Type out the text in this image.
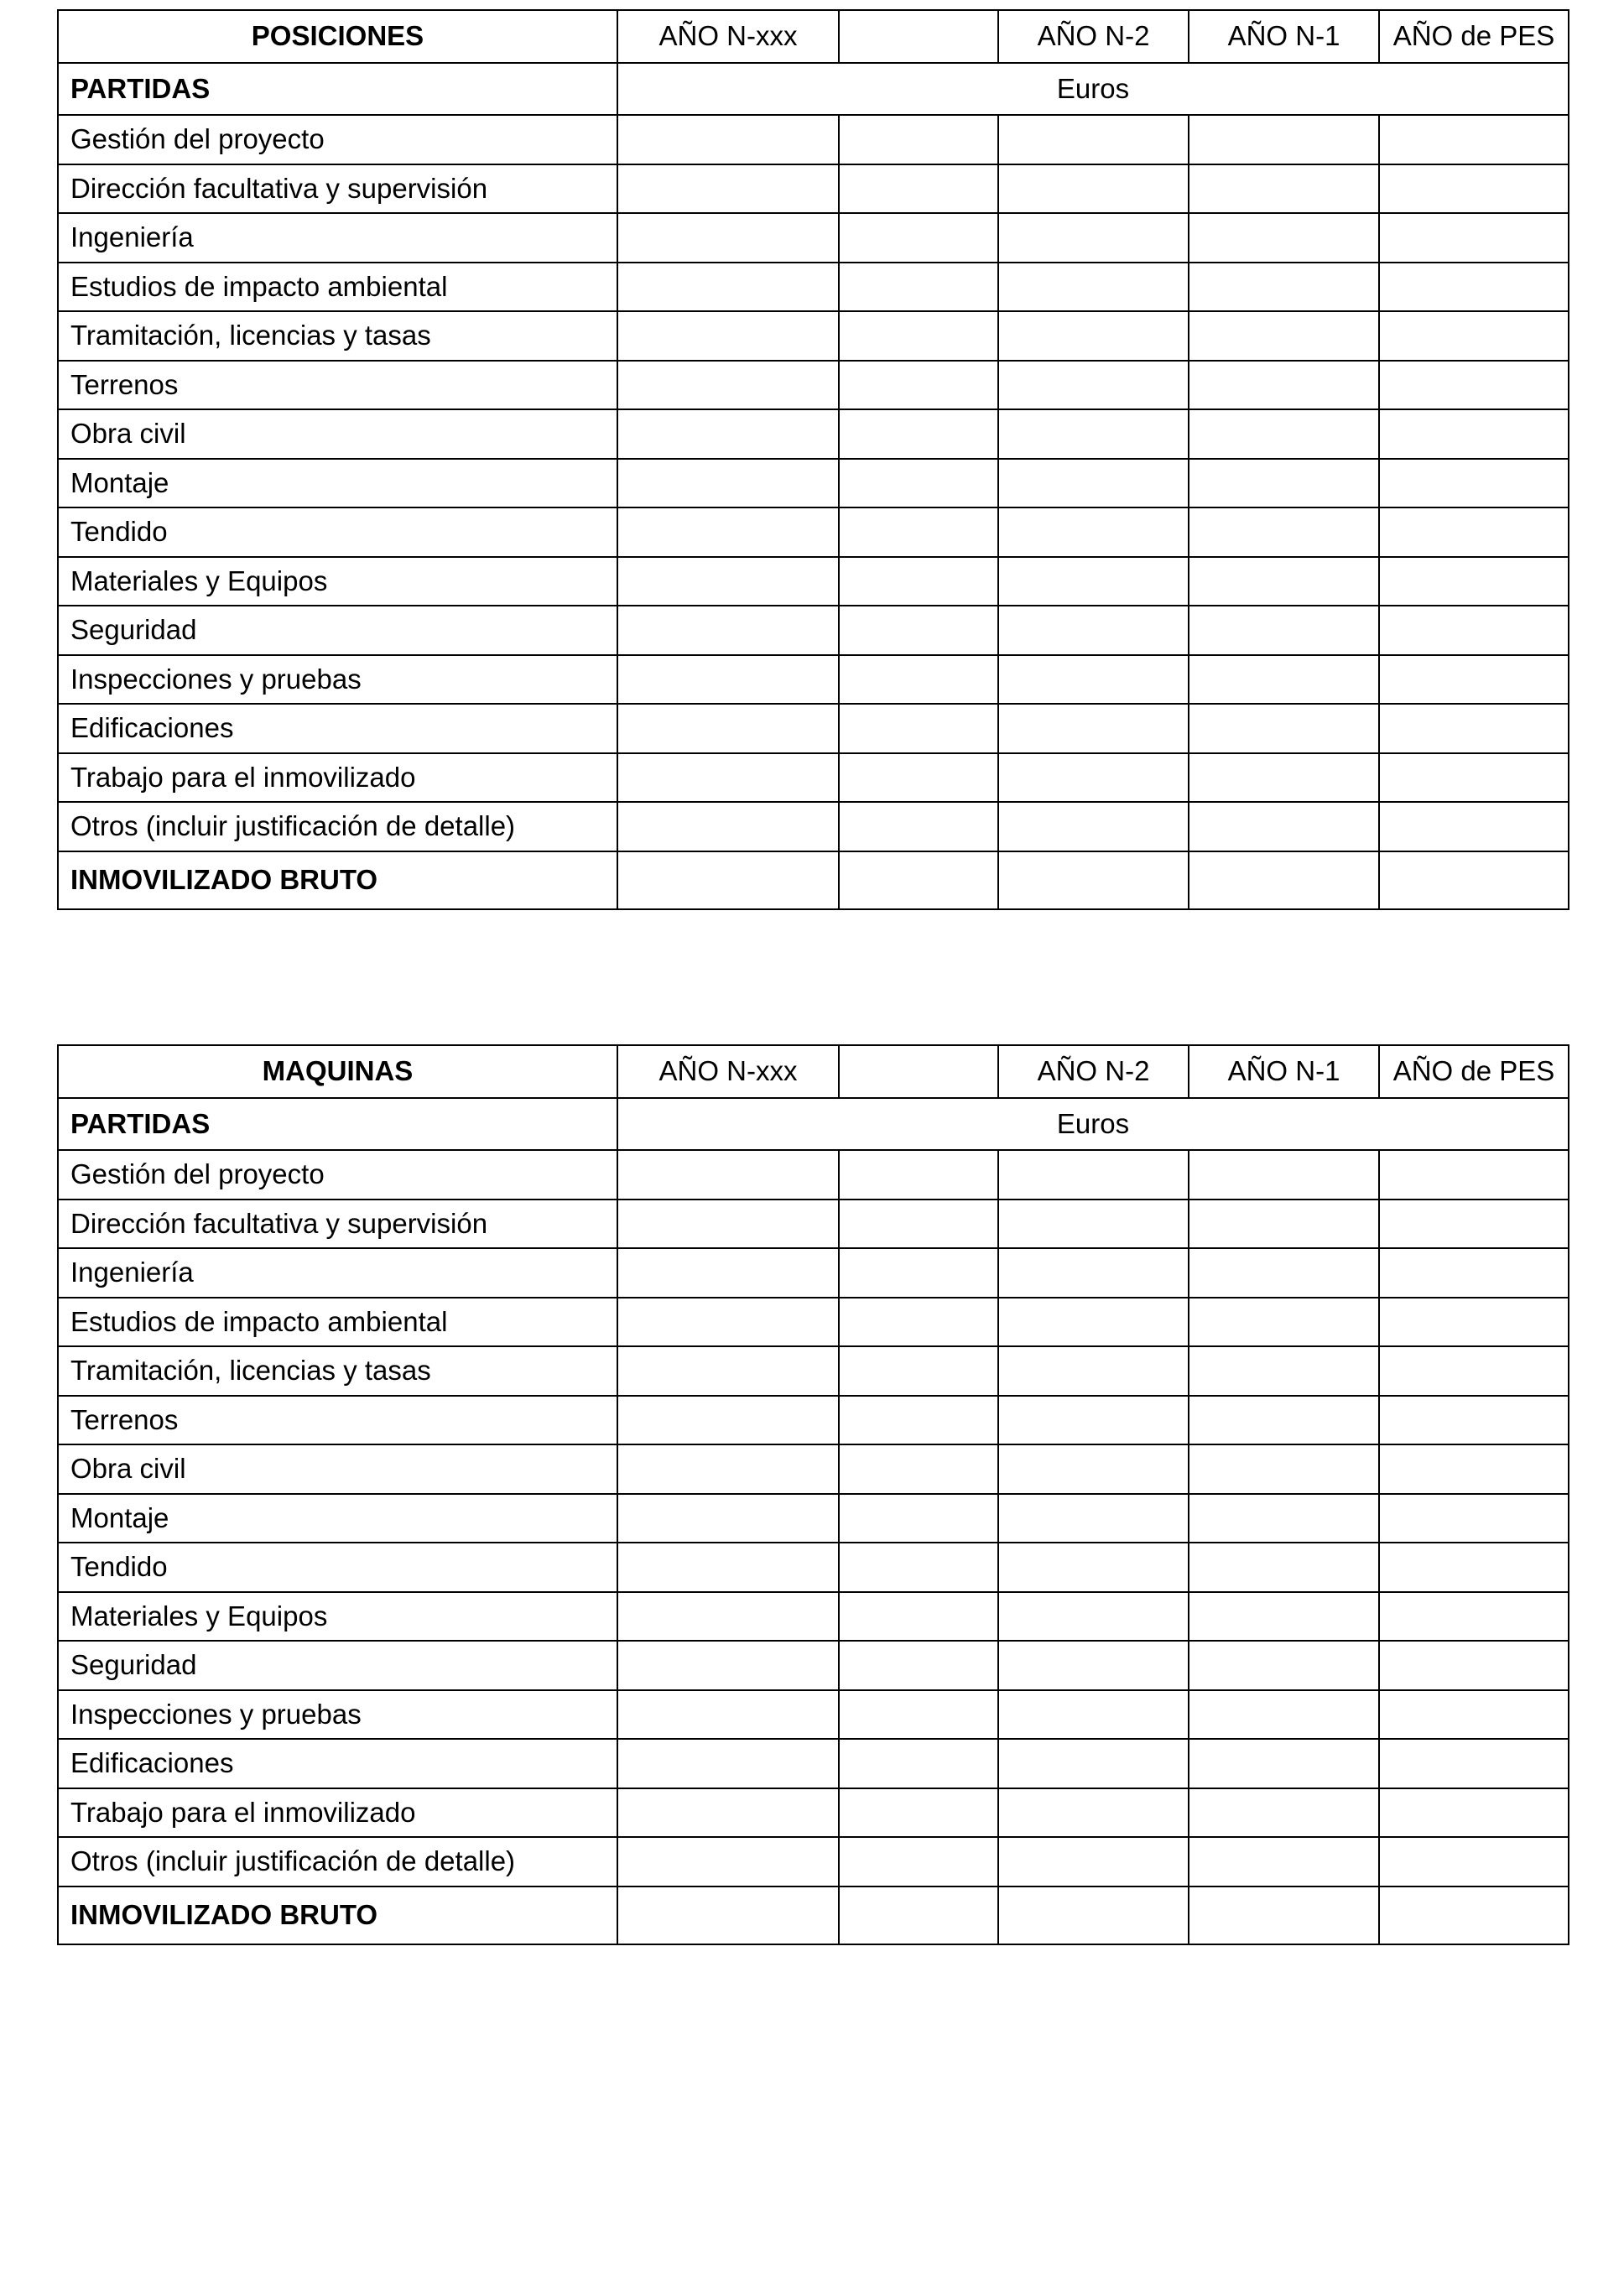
POSICIONES	AÑO N-xxx		AÑO N-2	AÑO N-1	AÑO de PES
PARTIDAS	Euros				
Gestión del proyecto					
Dirección facultativa y supervisión					
Ingeniería					
Estudios de impacto ambiental					
Tramitación, licencias y tasas					
Terrenos					
Obra civil					
Montaje					
Tendido					
Materiales y Equipos					
Seguridad					
Inspecciones y pruebas					
Edificaciones					
Trabajo para el inmovilizado					
Otros (incluir justificación de detalle)					
INMOVILIZADO BRUTO					
MAQUINAS	AÑO N-xxx		AÑO N-2	AÑO N-1	AÑO de PES
PARTIDAS	Euros				
Gestión del proyecto					
Dirección facultativa y supervisión					
Ingeniería					
Estudios de impacto ambiental					
Tramitación, licencias y tasas					
Terrenos					
Obra civil					
Montaje					
Tendido					
Materiales y Equipos					
Seguridad					
Inspecciones y pruebas					
Edificaciones					
Trabajo para el inmovilizado					
Otros (incluir justificación de detalle)					
INMOVILIZADO BRUTO					
